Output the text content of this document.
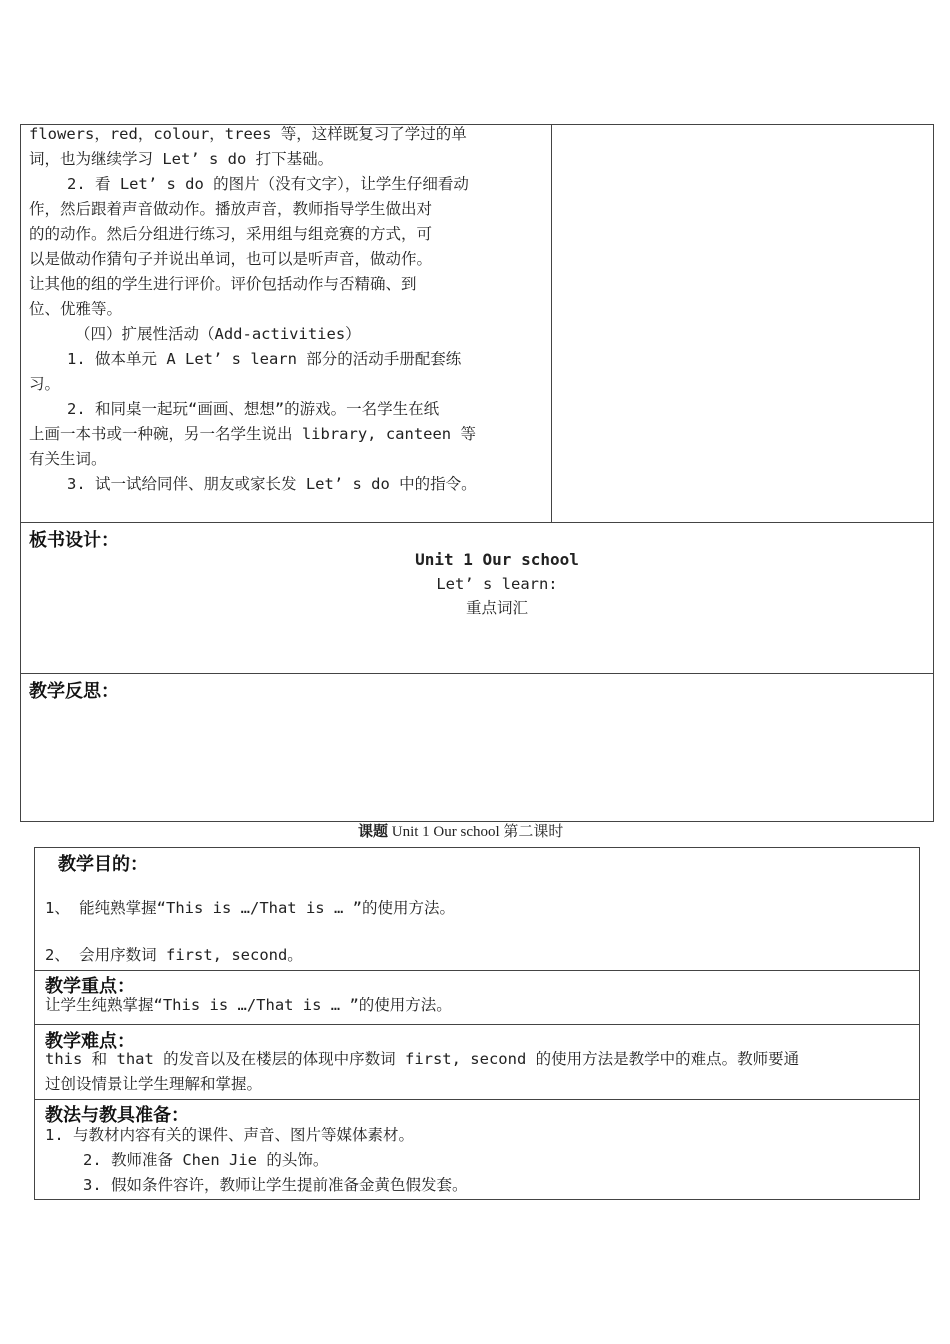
flowers，red，colour，trees 等，这样既复习了学过的单
词，也为继续学习 Let’ s do 打下基础。
2. 看 Let’ s do 的图片（没有文字），让学生仔细看动
作，然后跟着声音做动作。播放声音，教师指导学生做出对
的的动作。然后分组进行练习，采用组与组竞赛的方式，可
以是做动作猜句子并说出单词，也可以是听声音，做动作。
让其他的组的学生进行评价。评价包括动作与否精确、到
位、优雅等。
（四）扩展性活动（Add-activities）
1. 做本单元 A Let’ s learn 部分的活动手册配套练
习。
2. 和同桌一起玩“画画、想想”的游戏。一名学生在纸
上画一本书或一种碗，另一名学生说出 library, canteen 等
有关生词。
3. 试一试给同伴、朋友或家长发 Let’ s do 中的指令。
板书设计：
Unit 1 Our school
Let’ s learn:
重点词汇
教学反思：
课题 Unit 1 Our school 第二课时
教学目的：
1、 能纯熟掌握“This is …/That is … ”的使用方法。
2、 会用序数词 first, second。
教学重点：
让学生纯熟掌握“This is …/That is … ”的使用方法。
教学难点：
this 和 that 的发音以及在楼层的体现中序数词 first, second 的使用方法是教学中的难点。教师要通
过创设情景让学生理解和掌握。
教法与教具准备：
1. 与教材内容有关的课件、声音、图片等媒体素材。
2. 教师准备 Chen Jie 的头饰。
3. 假如条件容许，教师让学生提前准备金黄色假发套。
